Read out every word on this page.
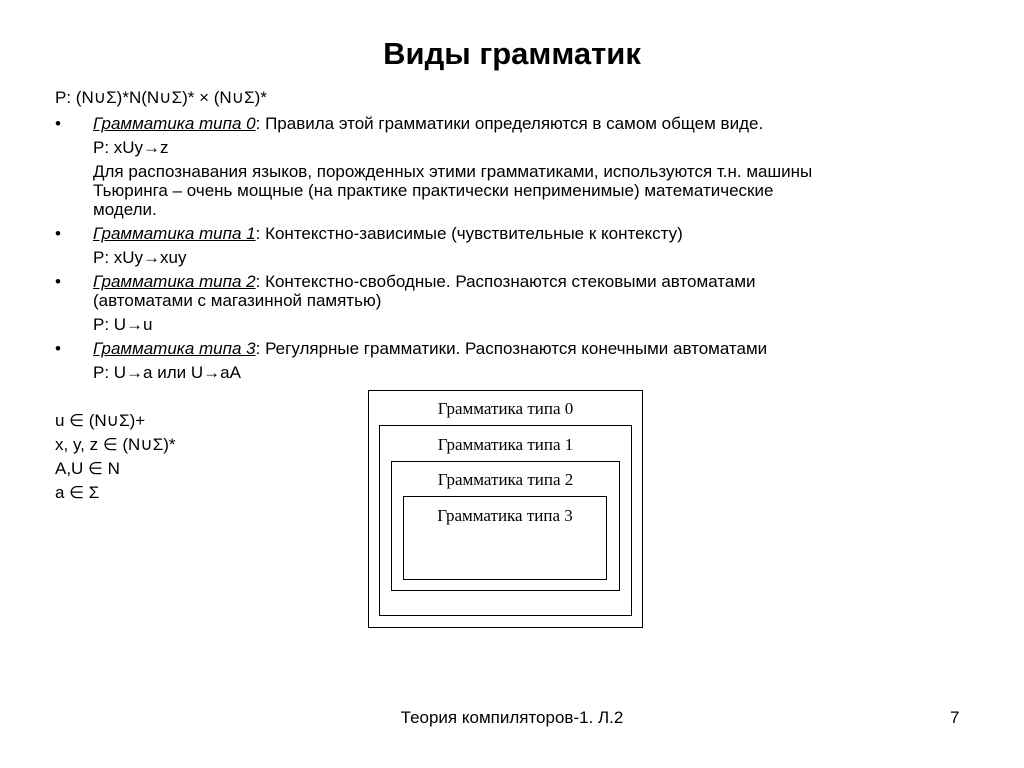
Виды грамматик
P: (N∪Σ)*N(N∪Σ)* × (N∪Σ)*
• Грамматика типа 0: Правила этой грамматики определяются в самом общем виде.
P: xUy→z
Для распознавания языков, порожденных этими грамматиками, используются т.н. машины
Тьюринга – очень мощные (на практике практически неприменимые) математические
модели.
• Грамматика типа 1: Контекстно-зависимые (чувствительные к контексту)
P: xUy→xuy
• Грамматика типа 2: Контекстно-свободные. Распознаются стековыми автоматами
(автоматами с магазинной памятью)
P: U→u
• Грамматика типа 3: Регулярные грамматики. Распознаются конечными автоматами
P: U→a или U→aA
u ∈ (N∪Σ)+
x, y, z ∈ (N∪Σ)*
A,U ∈ N
a ∈ Σ
Грамматика типа 0
Грамматика типа 1
Грамматика типа 2
Грамматика типа 3
Теория компиляторов-1. Л.2	7
